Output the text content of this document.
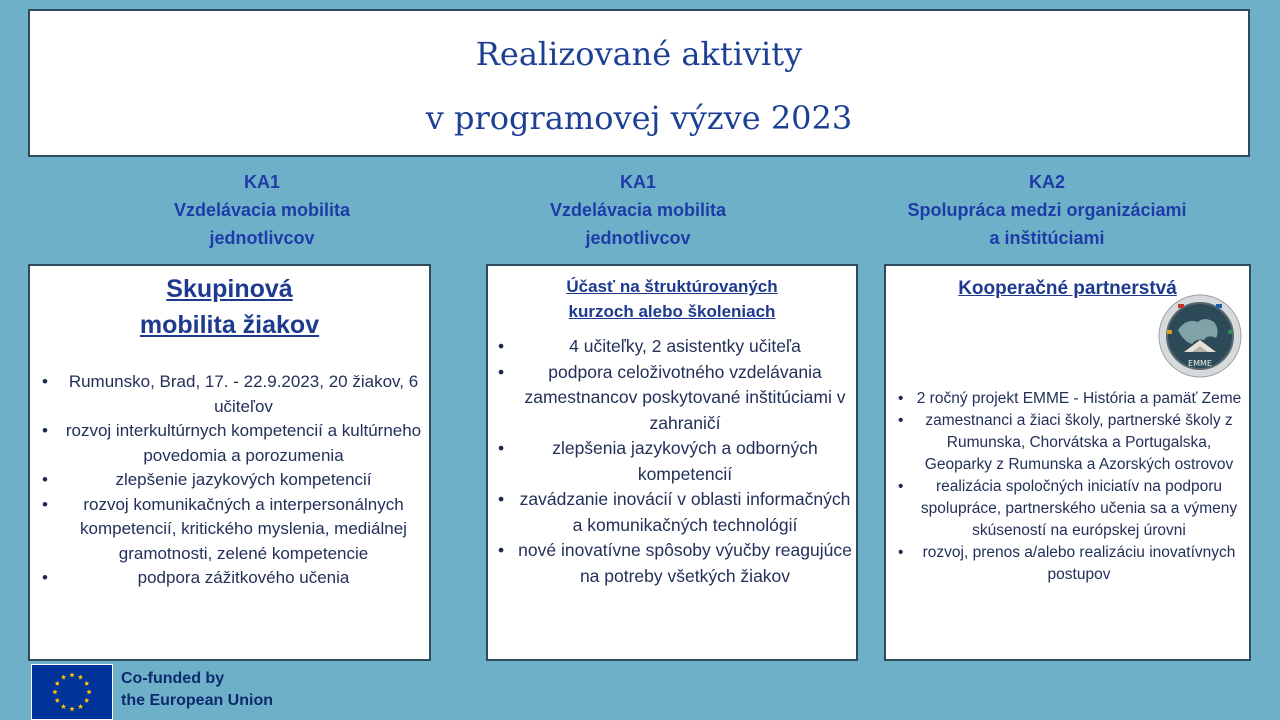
Realizované aktivity
v programovej výzve 2023
KA1
Vzdelávacia mobilita
jednotlivcov
KA1
Vzdelávacia mobilita
jednotlivcov
KA2
Spolupráca medzi organizáciami
a inštitúciami
Skupinová
mobilita žiakov
• Rumunsko, Brad, 17. - 22.9.2023, 20 žiakov, 6 učiteľov
• rozvoj interkultúrnych kompetencií a kultúrneho povedomia a porozumenia
• zlepšenie jazykových kompetencií
• rozvoj komunikačných a interpersonálnych kompetencií, kritického myslenia, mediálnej gramotnosti, zelené kompetencie
• podpora zážitkového učenia
Účasť na štruktúrovaných
kurzoch alebo školeniach
• 4 učiteľky, 2 asistentky učiteľa
• podpora celoživotného vzdelávania zamestnancov poskytované inštitúciami v zahraničí
• zlepšenia jazykových a odborných kompetencií
• zavádzanie inovácií v oblasti informačných a komunikačných technológií
• nové inovatívne spôsoby výučby reagujúce na potreby všetkých žiakov
Kooperačné partnerstvá
EMME
• 2 ročný projekt EMME - História a pamäť Zeme
• zamestnanci a žiaci školy, partnerské školy z Rumunska, Chorvátska a Portugalska, Geoparky z Rumunska a Azorských ostrovov
• realizácia spoločných iniciatív na podporu spolupráce, partnerského učenia sa a výmeny skúseností na európskej úrovni
• rozvoj, prenos a/alebo realizáciu inovatívnych postupov
Co-funded by
the European Union
